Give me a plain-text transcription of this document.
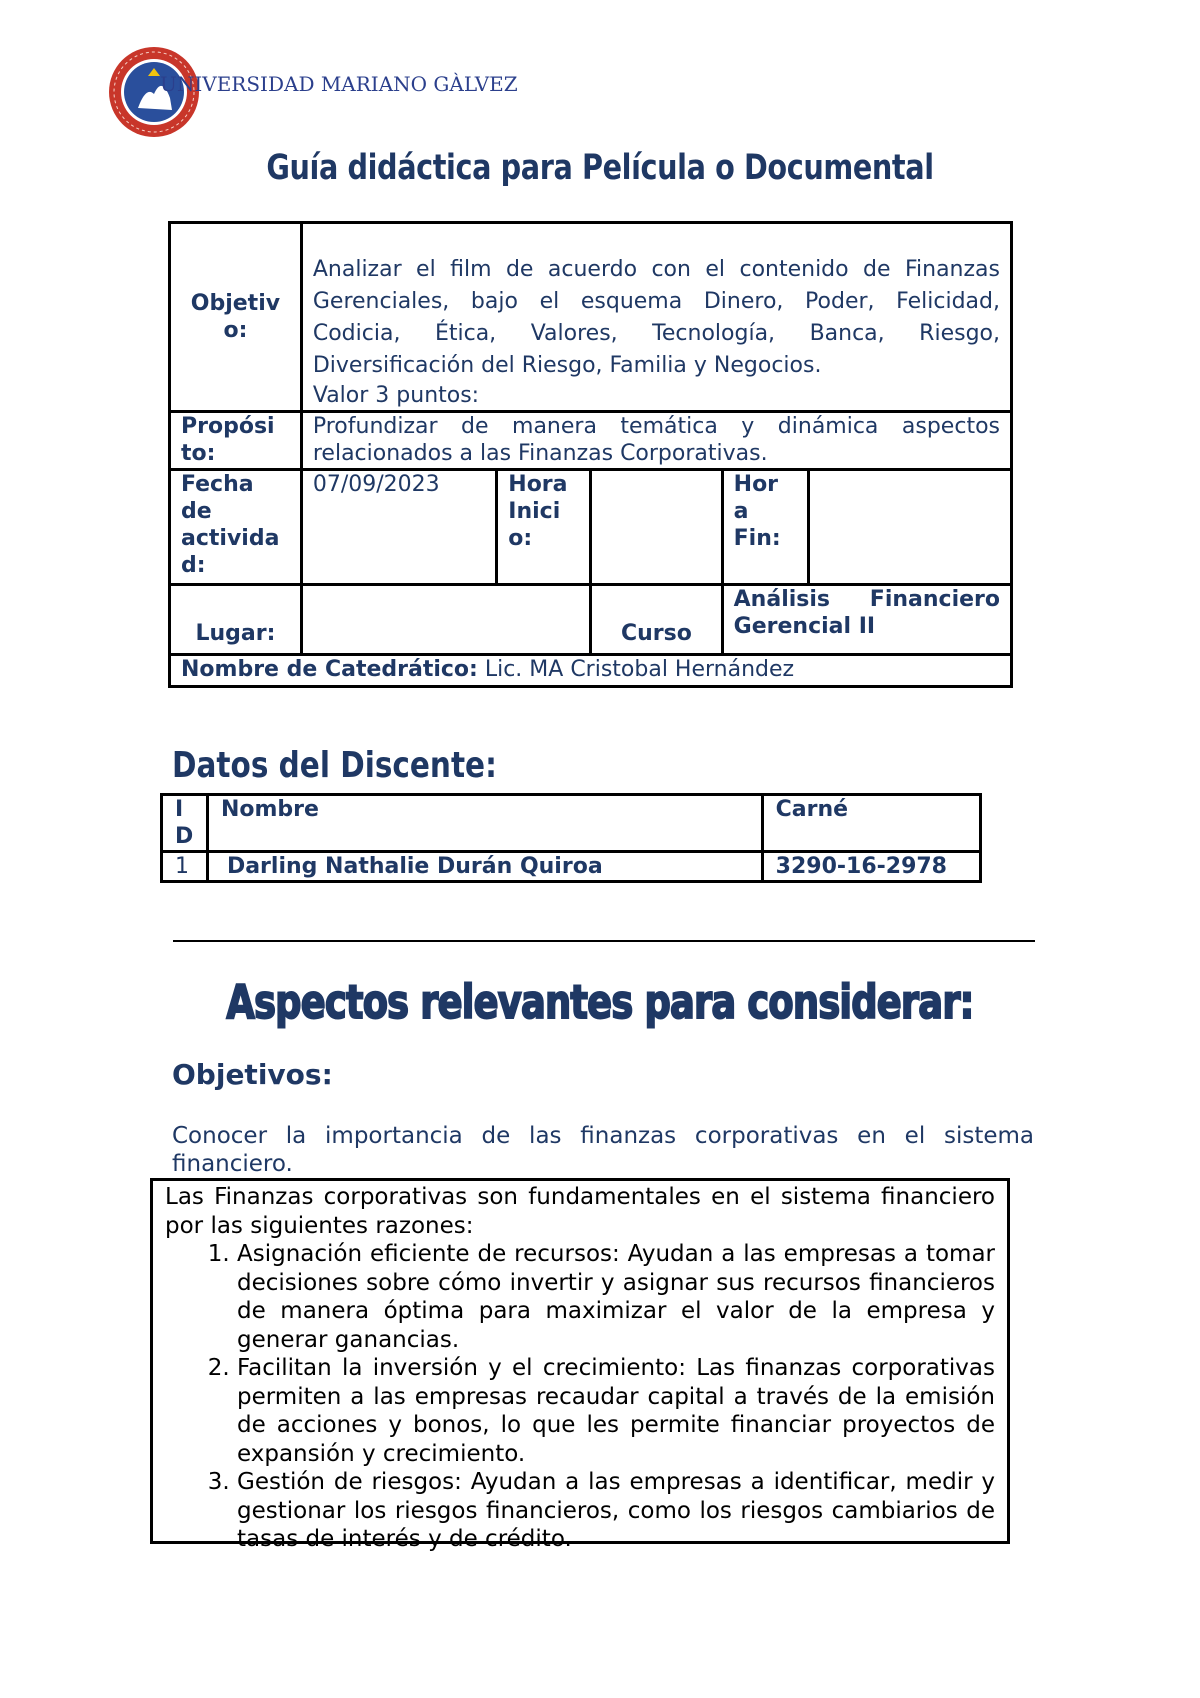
UNIVERSIDAD MARIANO GÀLVEZ
Guía didáctica para Película o Documental
Objetiv o:	Analizar el film de acuerdo con el contenido de Finanzas Gerenciales, bajo el esquema Dinero, Poder, Felicidad, Codicia, Ética, Valores, Tecnología, Banca, Riesgo, Diversificación del Riesgo, Familia y Negocios.
Valor 3 puntos:				

Propósi to:	Profundizar de manera temática y dinámica aspectos relacionados a las Finanzas Corporativas.				
Fecha de activida d:	07/09/2023	Hora Inici o:		Hor a Fin:	
Lugar:			Curso	Análisis Financiero Gerencial II	
Nombre de Catedrático: Lic. MA Cristobal Hernández					
Datos del Discente:
I D	Nombre	Carné
1	Darling Nathalie Durán Quiroa	3290-16-2978
Aspectos relevantes para considerar:
Objetivos:
Conocer la importancia de las finanzas corporativas en el sistema financiero.
Las Finanzas corporativas son fundamentales en el sistema financiero por las siguientes razones:
1. Asignación eficiente de recursos: Ayudan a las empresas a tomar decisiones sobre cómo invertir y asignar sus recursos financieros de manera óptima para maximizar el valor de la empresa y generar ganancias.
2. Facilitan la inversión y el crecimiento: Las finanzas corporativas permiten a las empresas recaudar capital a través de la emisión de acciones y bonos, lo que les permite financiar proyectos de expansión y crecimiento.
3. Gestión de riesgos: Ayudan a las empresas a identificar, medir y gestionar los riesgos financieros, como los riesgos cambiarios de tasas de interés y de crédito.
